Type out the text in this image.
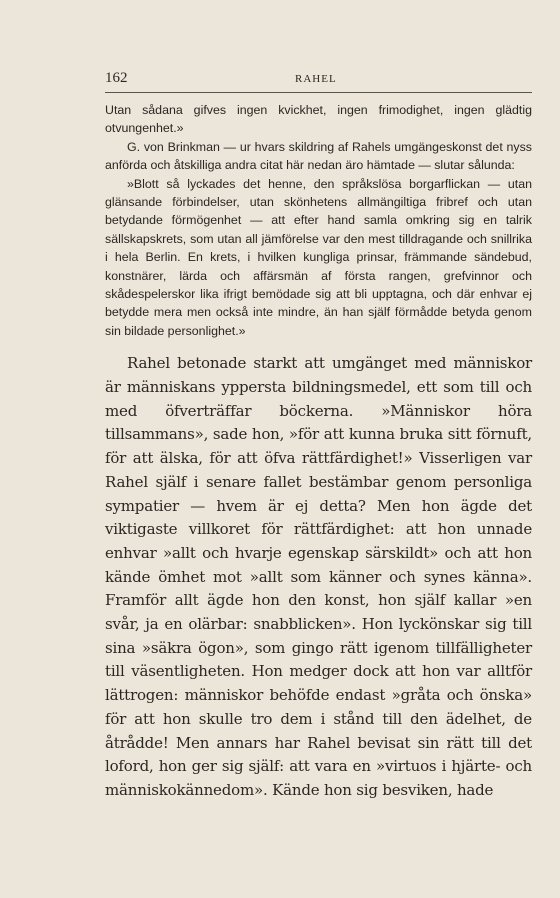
162	RAHEL

Utan sådana gifves ingen kvickhet, ingen frimodighet, ingen glädtig otvungenhet.»

G. von Brinkman — ur hvars skildring af Rahels umgängeskonst det nyss anförda och åtskilliga andra citat här nedan äro hämtade — slutar sålunda:

»Blott så lyckades det henne, den språkslösa borgarflickan — utan glänsande förbindelser, utan skönhetens allmängiltiga fribref och utan betydande förmögenhet — att efter hand samla omkring sig en talrik sällskapskrets, som utan all jämförelse var den mest tilldragande och snillrika i hela Berlin. En krets, i hvilken kungliga prinsar, främmande sändebud, konstnärer, lärda och affärsmän af första rangen, grefvinnor och skådespelerskor lika ifrigt bemödade sig att bli upptagna, och där enhvar ej betydde mera men också inte mindre, än han själf förmådde betyda genom sin bildade personlighet.»

Rahel betonade starkt att umgänget med människor är människans yppersta bildningsmedel, ett som till och med öfverträffar böckerna. »Människor höra tillsammans», sade hon, »för att kunna bruka sitt förnuft, för att älska, för att öfva rättfärdighet!» Visserligen var Rahel själf i senare fallet bestämbar genom personliga sympatier — hvem är ej detta? Men hon ägde det viktigaste villkoret för rättfärdighet: att hon unnade enhvar »allt och hvarje egenskap särskildt» och att hon kände ömhet mot »allt som känner och synes känna». Framför allt ägde hon den konst, hon själf kallar »en svår, ja en olärbar: snabblicken». Hon lyckönskar sig till sina »säkra ögon», som gingo rätt igenom tillfälligheter till väsentligheten. Hon medger dock att hon var alltför lättrogen: människor behöfde endast »gråta och önska» för att hon skulle tro dem i stånd till den ädelhet, de åtrådde! Men annars har Rahel bevisat sin rätt till det loford, hon ger sig själf: att vara en »virtuos i hjärte- och människokännedom». Kände hon sig besviken, hade
